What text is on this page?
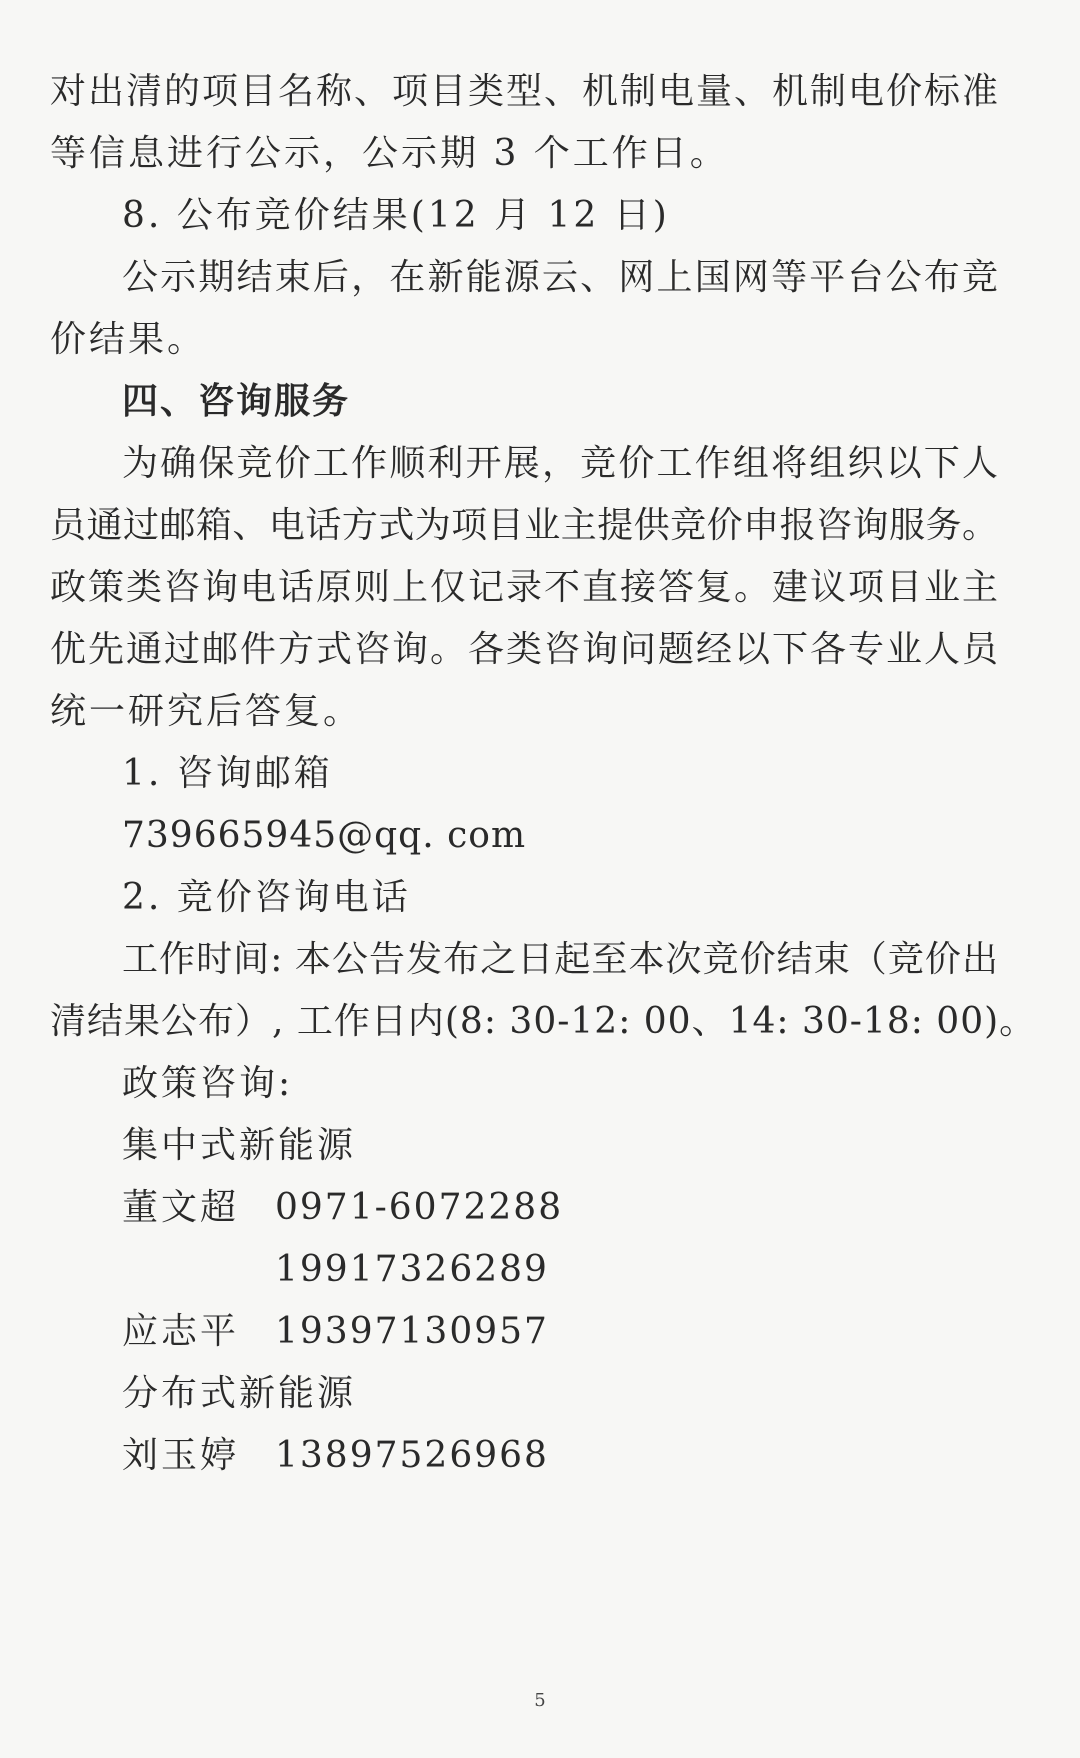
对出清的项目名称、项目类型、机制电量、机制电价标准
等信息进行公示，公示期 3 个工作日。
8. 公布竞价结果(12 月 12 日)
公示期结束后，在新能源云、网上国网等平台公布竞
价结果。
四、咨询服务
为确保竞价工作顺利开展，竞价工作组将组织以下人
员通过邮箱、电话方式为项目业主提供竞价申报咨询服务。
政策类咨询电话原则上仅记录不直接答复。建议项目业主
优先通过邮件方式咨询。各类咨询问题经以下各专业人员
统一研究后答复。
1. 咨询邮箱
739665945@qq. com
2. 竞价咨询电话
工作时间: 本公告发布之日起至本次竞价结束（竞价出
清结果公布）, 工作日内(8: 30-12: 00、14: 30-18: 00)。
政策咨询:
集中式新能源
董文超 0971-6072288
19917326289
应志平 19397130957
分布式新能源
刘玉婷 13897526968
5
